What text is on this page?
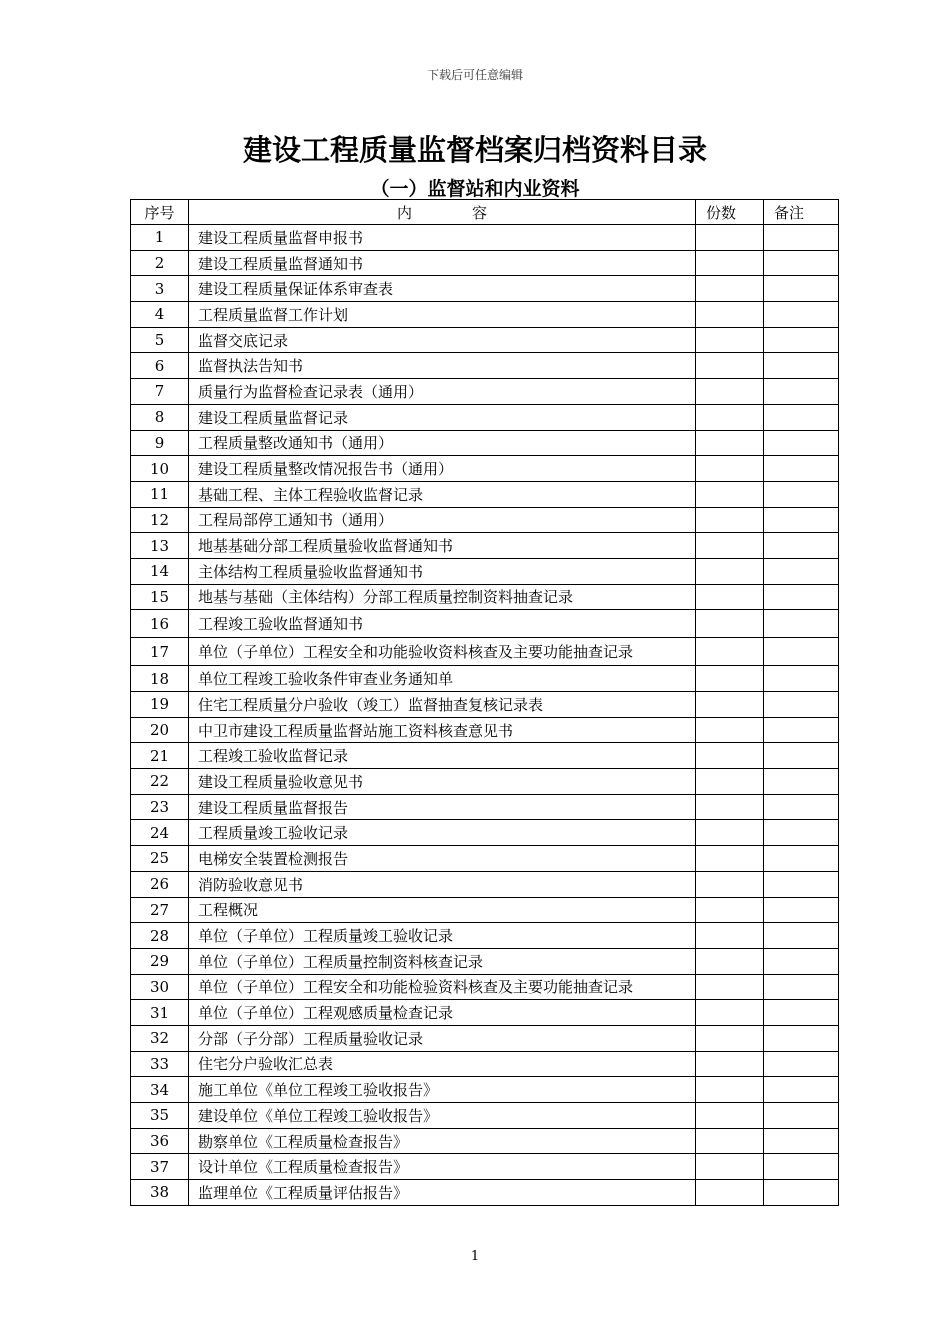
下载后可任意编辑
建设工程质量监督档案归档资料目录
（一）监督站和内业资料
序号	内　　　　容	份数	备注
1	建设工程质量监督申报书		
2	建设工程质量监督通知书		
3	建设工程质量保证体系审查表		
4	工程质量监督工作计划		
5	监督交底记录		
6	监督执法告知书		
7	质量行为监督检查记录表（通用）		
8	建设工程质量监督记录		
9	工程质量整改通知书（通用）		
10	建设工程质量整改情况报告书（通用）		
11	基础工程、主体工程验收监督记录		
12	工程局部停工通知书（通用）		
13	地基基础分部工程质量验收监督通知书		
14	主体结构工程质量验收监督通知书		
15	地基与基础（主体结构）分部工程质量控制资料抽查记录		
16	工程竣工验收监督通知书		
17	单位（子单位）工程安全和功能验收资料核查及主要功能抽查记录		
18	单位工程竣工验收条件审查业务通知单		
19	住宅工程质量分户验收（竣工）监督抽查复核记录表		
20	中卫市建设工程质量监督站施工资料核查意见书		
21	工程竣工验收监督记录		
22	建设工程质量验收意见书		
23	建设工程质量监督报告		
24	工程质量竣工验收记录		
25	电梯安全装置检测报告		
26	消防验收意见书		
27	工程概况		
28	单位（子单位）工程质量竣工验收记录		
29	单位（子单位）工程质量控制资料核查记录		
30	单位（子单位）工程安全和功能检验资料核查及主要功能抽查记录		
31	单位（子单位）工程观感质量检查记录		
32	分部（子分部）工程质量验收记录		
33	住宅分户验收汇总表		
34	施工单位《单位工程竣工验收报告》		
35	建设单位《单位工程竣工验收报告》		
36	勘察单位《工程质量检查报告》		
37	设计单位《工程质量检查报告》		
38	监理单位《工程质量评估报告》		
1
